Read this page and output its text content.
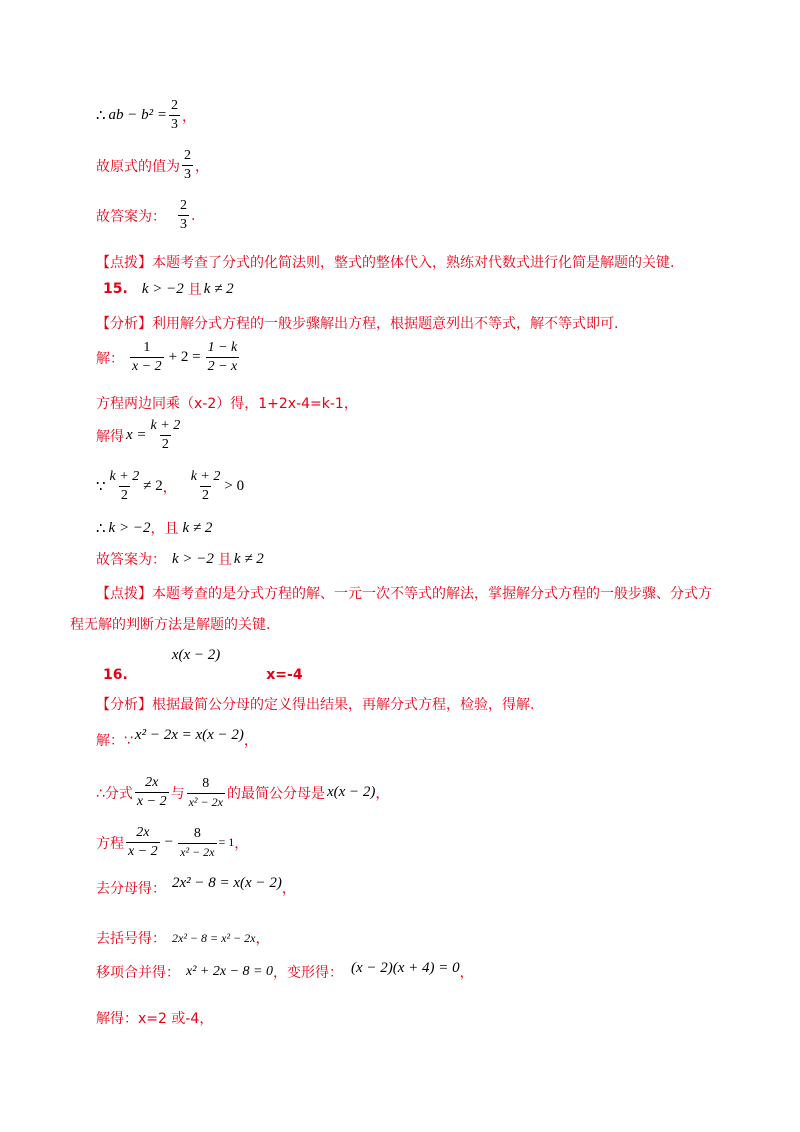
∴ ab − $b^2 = \frac{2}{3}$ ，
故原式的值为 $\frac{2}{3}$ ，
故答案为： $\frac{2}{3}$ .
【点拨】本题考查了分式的化简法则，整式的整体代入，熟练对代数式进行化简是解题的关键.
15. k > −2 且 k ≠ 2
【分析】利用解分式方程的一般步骤解出方程，根据题意列出不等式，解不等式即可.
解： $\frac{1}{x - 2} + 2 = \frac{1 - k}{2 - x}$
方程两边同乘（x-2）得，1+2x-4=k-1，
解得 $x = \frac{k + 2}{2}$
∵ $\frac{k + 2}{2} \ne 2$ ， $\frac{k + 2}{2} > 0$
∴ k > −2 ， 且 k ≠ 2
故答案为： k > −2 且 k ≠ 2
【点拨】本题考查的是分式方程的解、一元一次不等式的解法，掌握解分式方程的一般步骤、分式方
程无解的判断方法是解题的关键.
16.
x(x − 2)
x=-4
【分析】根据最简公分母的定义得出结果，再解分式方程，检验，得解.
解：∵ x² − 2x = x(x − 2) ，
∴分式 $\frac{2x}{x - 2}$ 与 $\frac{8}{\text{x² − 2x}}$ 的最简公分母是 x(x − 2) ，
方程 $\frac{2x}{x - 2} - \frac{8}{\text{x² − 2x}} = 1$ ，
去分母得： 2x² − 8 = x(x − 2) ，
去括号得： 2x² − 8 = x² − 2x ，
移项合并得： x² + 2x − 8 = 0 ，变形得： (x − 2)(x + 4) = 0 ，
解得：x=2 或-4，
